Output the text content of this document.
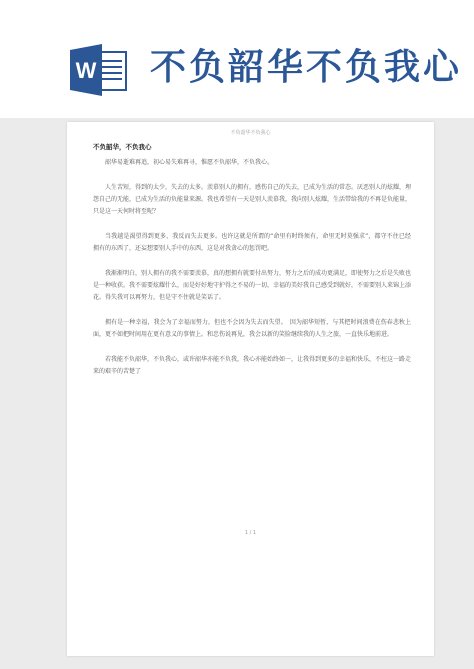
W 不负韶华不负我心
不负韶华不负我心
不负韶华，不负我心

韶华易逝难再追，初心易失难再寻，惟愿不负韶华，不负我心。

人生苦短，得到的太少，失去的太多。羡慕别人的拥有，感伤自己的失去，已成为生活的常态。厌恶别人的炫耀，埋怨自己的无能，已成为生活的负能量来源。我也希望有一天是别人羡慕我，我向别人炫耀，生活带给我的不再是负能量，只是这一天何时将至呢？

当我越是渴望得到更多，我反而失去更多。也许这就是所谓的“命里有时终须有，命里无时莫强求”，都守不住已经拥有的东西了，还妄想要别人手中的东西，这是对我贪心的惩罚吧。

我渐渐明白，别人拥有的我不需要羡慕，真的想拥有就要付出努力，努力之后的成功更满足，即使努力之后是失败也是一种收获。我不需要炫耀什么，而是好好地守护得之不易的一切，幸福的美好我自己感受到就好，不需要别人来锦上添花。得失我可以再努力，但是守不住就是笑话了。

拥有是一种幸福，我会为了幸福而努力，但也不会因为失去而失望。　因为韶华短暂，与其把时间浪费在伤春悲秋上面，更不如把时间用在更有意义的事情上。和忠伤说再见，我会以新的笑脸继续我的人生之旅，一直快乐地前进。

若我能不负韶华，不负我心，或许韶华亦能不负我，我心亦能始终如一，让我得到更多的幸福和快乐，不枉这一路走来的艰辛的苦楚了

1 / 1
